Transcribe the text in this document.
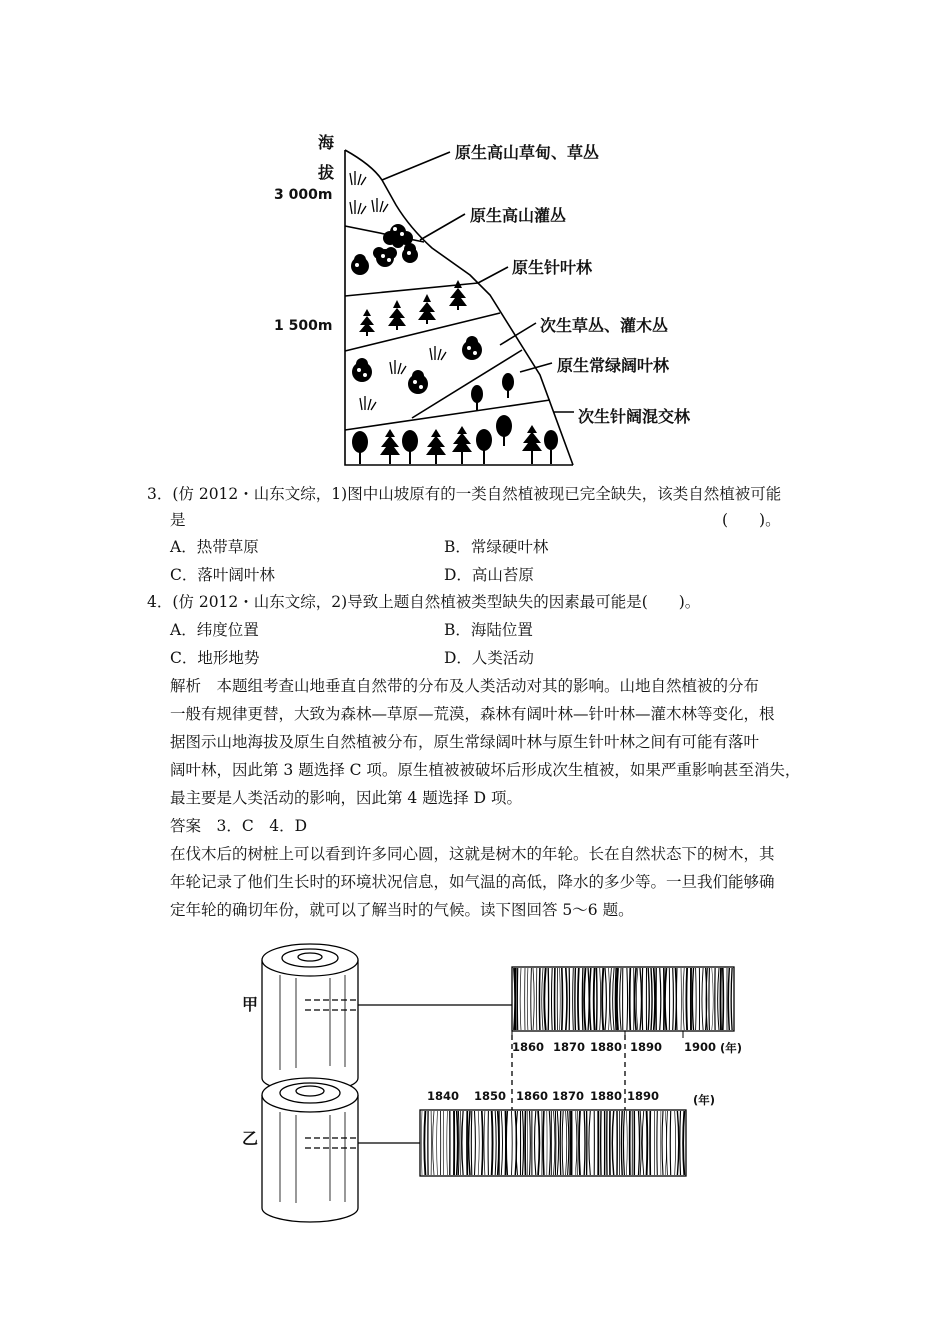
海
拔
3 000m
1 500m
原生高山草甸、草丛
原生高山灌丛
原生针叶林
次生草丛、灌木丛
原生常绿阔叶林
次生针阔混交林
3．(仿 2012・山东文综，1)图中山坡原有的一类自然植被现已完全缺失，该类自然植被可能
是	(　　)。
A．热带草原	B．常绿硬叶林
C．落叶阔叶林	D．高山苔原
4．(仿 2012・山东文综，2)导致上题自然植被类型缺失的因素最可能是(　　)。
A．纬度位置	B．海陆位置
C．地形地势	D．人类活动
解析　本题组考查山地垂直自然带的分布及人类活动对其的影响。山地自然植被的分布
一般有规律更替，大致为森林—草原—荒漠，森林有阔叶林—针叶林—灌木林等变化，根
据图示山地海拔及原生自然植被分布，原生常绿阔叶林与原生针叶林之间有可能有落叶
阔叶林，因此第 3 题选择 C 项。原生植被被破坏后形成次生植被，如果严重影响甚至消失，
最主要是人类活动的影响，因此第 4 题选择 D 项。
答案　3．C　4．D
在伐木后的树桩上可以看到许多同心圆，这就是树木的年轮。长在自然状态下的树木，其
年轮记录了他们生长时的环境状况信息，如气温的高低，降水的多少等。一旦我们能够确
定年轮的确切年份，就可以了解当时的气候。读下图回答 5～6 题。
甲
乙
1860 1870 1880 1890 1900 (年)
1840 1850 1860 1870 1880 1890	(年)
